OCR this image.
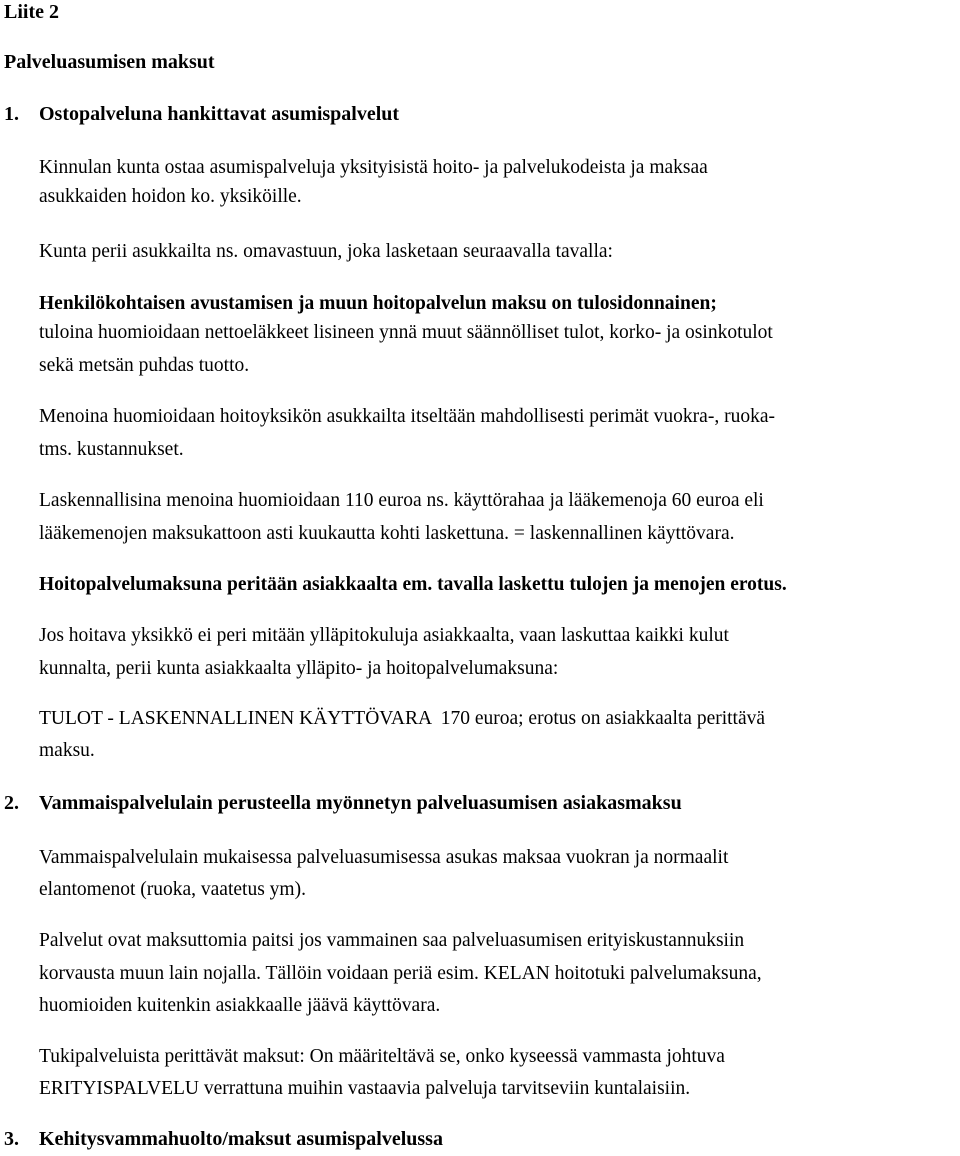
Liite 2
Palveluasumisen maksut
1. Ostopalveluna hankittavat asumispalvelut
Kinnulan kunta ostaa asumispalveluja yksityisistä hoito- ja palvelukodeista ja maksaa
asukkaiden hoidon ko. yksiköille.
Kunta perii asukkailta ns. omavastuun, joka lasketaan seuraavalla tavalla:
Henkilökohtaisen avustamisen ja muun hoitopalvelun maksu on tulosidonnainen;
tuloina huomioidaan nettoeläkkeet lisineen ynnä muut säännölliset tulot, korko- ja osinkotulot
sekä metsän puhdas tuotto.
Menoina huomioidaan hoitoyksikön asukkailta itseltään mahdollisesti perimät vuokra-, ruoka-
tms. kustannukset.
Laskennallisina menoina huomioidaan 110 euroa ns. käyttörahaa ja lääkemenoja 60 euroa eli
lääkemenojen maksukattoon asti kuukautta kohti laskettuna. = laskennallinen käyttövara.
Hoitopalvelumaksuna peritään asiakkaalta em. tavalla laskettu tulojen ja menojen erotus.
Jos hoitava yksikkö ei peri mitään ylläpitokuluja asiakkaalta, vaan laskuttaa kaikki kulut
kunnalta, perii kunta asiakkaalta ylläpito- ja hoitopalvelumaksuna:
TULOT - LASKENNALLINEN KÄYTTÖVARA  170 euroa; erotus on asiakkaalta perittävä
maksu.
2. Vammaispalvelulain perusteella myönnetyn palveluasumisen asiakasmaksu
Vammaispalvelulain mukaisessa palveluasumisessa asukas maksaa vuokran ja normaalit
elantomenot (ruoka, vaatetus ym).
Palvelut ovat maksuttomia paitsi jos vammainen saa palveluasumisen erityiskustannuksiin
korvausta muun lain nojalla. Tällöin voidaan periä esim. KELAN hoitotuki palvelumaksuna,
huomioiden kuitenkin asiakkaalle jäävä käyttövara.
Tukipalveluista perittävät maksut: On määriteltävä se, onko kyseessä vammasta johtuva
ERITYISPALVELU verrattuna muihin vastaavia palveluja tarvitseviin kuntalaisiin.
3. Kehitysvammahuolto/maksut asumispalvelussa
